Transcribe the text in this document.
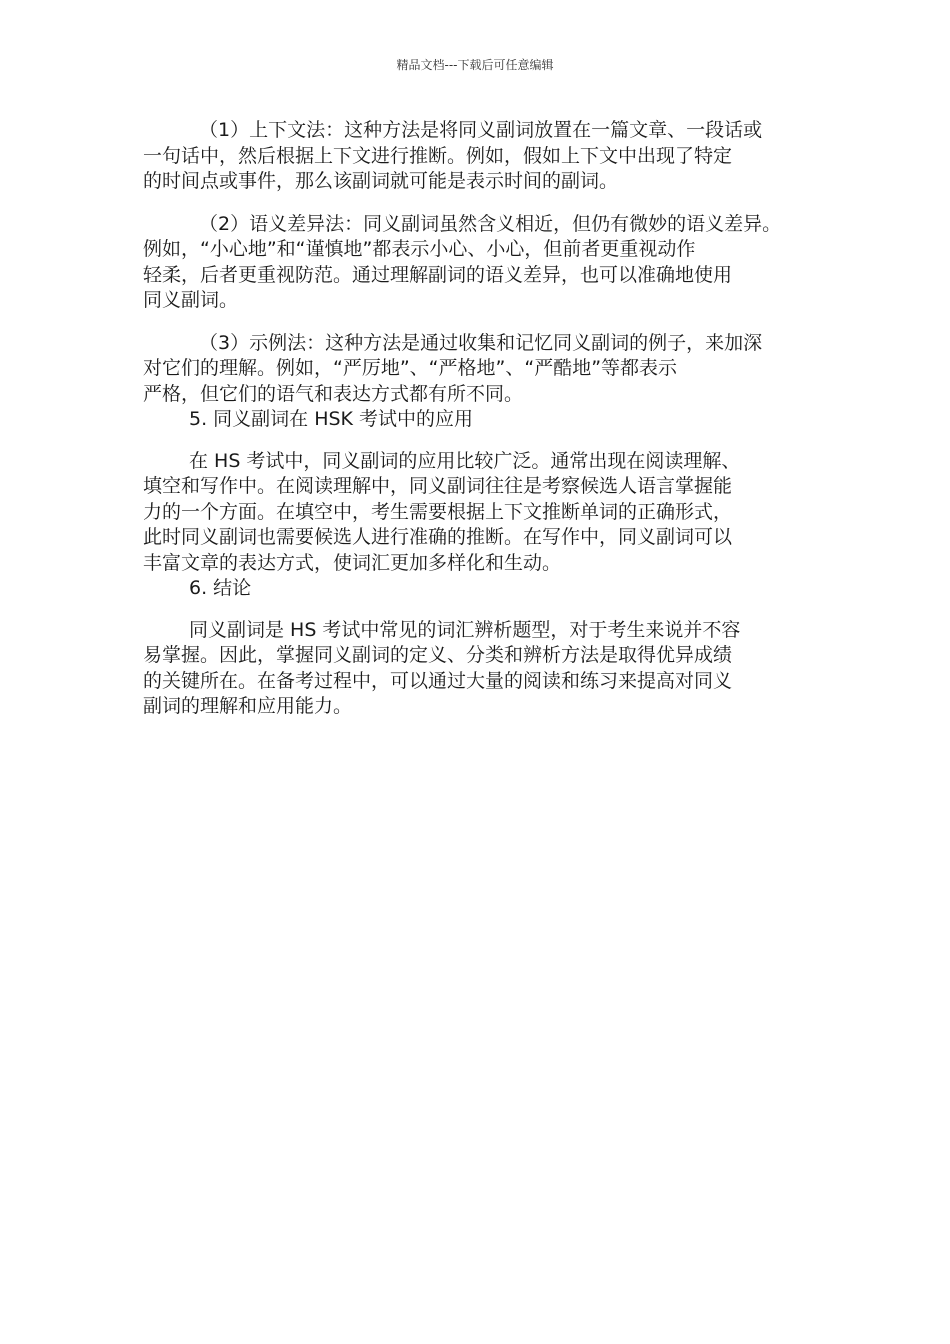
精品文档---下载后可任意编辑

（1）上下文法：这种方法是将同义副词放置在一篇文章、一段话或
一句话中，然后根据上下文进行推断。例如，假如上下文中出现了特定
的时间点或事件，那么该副词就可能是表示时间的副词。

（2）语义差异法：同义副词虽然含义相近，但仍有微妙的语义差异。
例如，“小心地”和“谨慎地”都表示小心、小心，但前者更重视动作
轻柔，后者更重视防范。通过理解副词的语义差异，也可以准确地使用
同义副词。

（3）示例法：这种方法是通过收集和记忆同义副词的例子，来加深
对它们的理解。例如，“严厉地”、“严格地”、“严酷地”等都表示
严格，但它们的语气和表达方式都有所不同。

5. 同义副词在 HSK 考试中的应用

在 HS 考试中，同义副词的应用比较广泛。通常出现在阅读理解、
填空和写作中。在阅读理解中，同义副词往往是考察候选人语言掌握能
力的一个方面。在填空中，考生需要根据上下文推断单词的正确形式，
此时同义副词也需要候选人进行准确的推断。在写作中，同义副词可以
丰富文章的表达方式，使词汇更加多样化和生动。

6. 结论

同义副词是 HS 考试中常见的词汇辨析题型，对于考生来说并不容
易掌握。因此，掌握同义副词的定义、分类和辨析方法是取得优异成绩
的关键所在。在备考过程中，可以通过大量的阅读和练习来提高对同义
副词的理解和应用能力。
